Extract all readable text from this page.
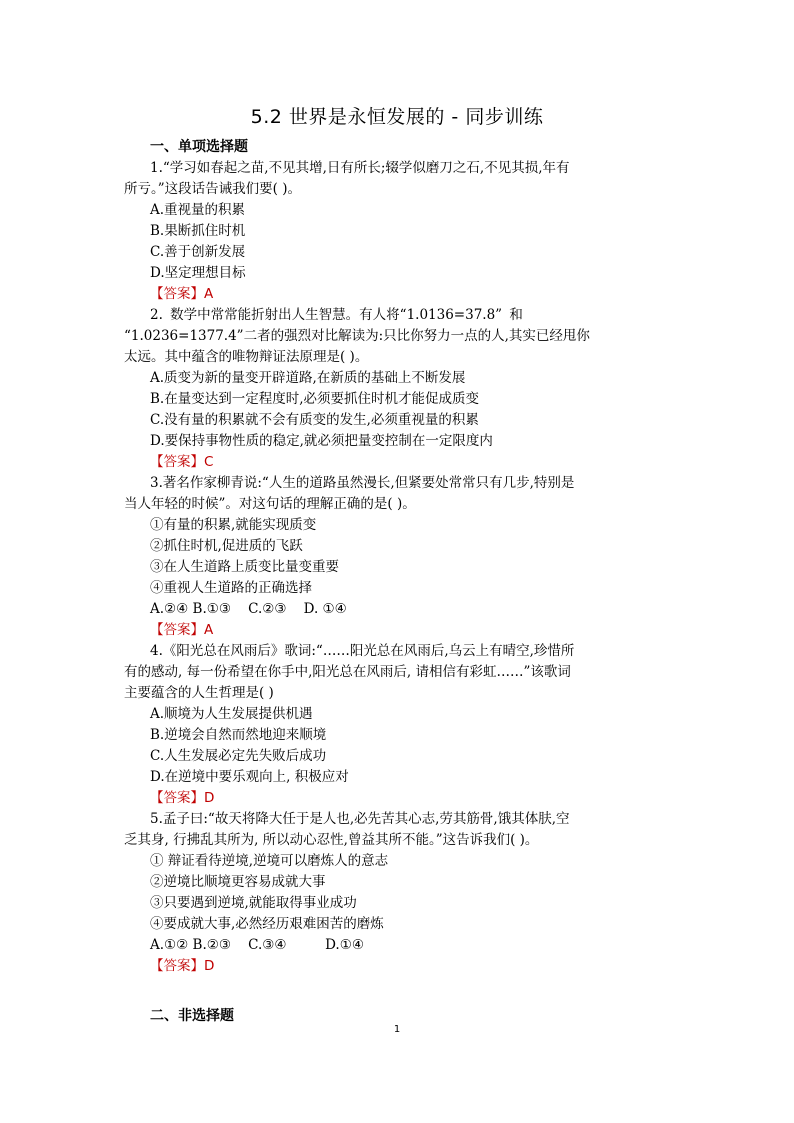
5.2 世界是永恒发展的 - 同步训练
一、单项选择题
1.“学习如春起之苗,不见其增,日有所长;辍学似磨刀之石,不见其损,年有
所亏。”这段话告诫我们要( )。
A.重视量的积累
B.果断抓住时机
C.善于创新发展
D.坚定理想目标
【答案】A
2. 数学中常常能折射出人生智慧。有人将“1.0136=37.8” 和
“1.0236=1377.4”二者的强烈对比解读为:只比你努力一点的人,其实已经甩你
太远。其中蕴含的唯物辩证法原理是( )。
A.质变为新的量变开辟道路,在新质的基础上不断发展
B.在量变达到一定程度时,必须要抓住时机才能促成质变
C.没有量的积累就不会有质变的发生,必须重视量的积累
D.要保持事物性质的稳定,就必须把量变控制在一定限度内
【答案】C
3.著名作家柳青说:“人生的道路虽然漫长,但紧要处常常只有几步,特别是
当人年轻的时候”。对这句话的理解正确的是( )。
①有量的积累,就能实现质变
②抓住时机,促进质的飞跃
③在人生道路上质变比量变重要
④重视人生道路的正确选择
A.②④ B.①③    C.②③    D. ①④
【答案】A
4.《阳光总在风雨后》歌词:“……阳光总在风雨后,乌云上有晴空,珍惜所
有的感动, 每一份希望在你手中,阳光总在风雨后, 请相信有彩虹……”该歌词
主要蕴含的人生哲理是( )
A.顺境为人生发展提供机遇
B.逆境会自然而然地迎来顺境
C.人生发展必定先失败后成功
D.在逆境中要乐观向上, 积极应对
【答案】D
5.孟子曰:“故天将降大任于是人也,必先苦其心志,劳其筋骨,饿其体肤,空
乏其身, 行拂乱其所为, 所以动心忍性,曾益其所不能。”这告诉我们( )。
① 辩证看待逆境,逆境可以磨炼人的意志
②逆境比顺境更容易成就大事
③只要遇到逆境,就能取得事业成功
④要成就大事,必然经历艰难困苦的磨炼
A.①② B.②③    C.③④         D.①④
【答案】D
二、非选择题
1
